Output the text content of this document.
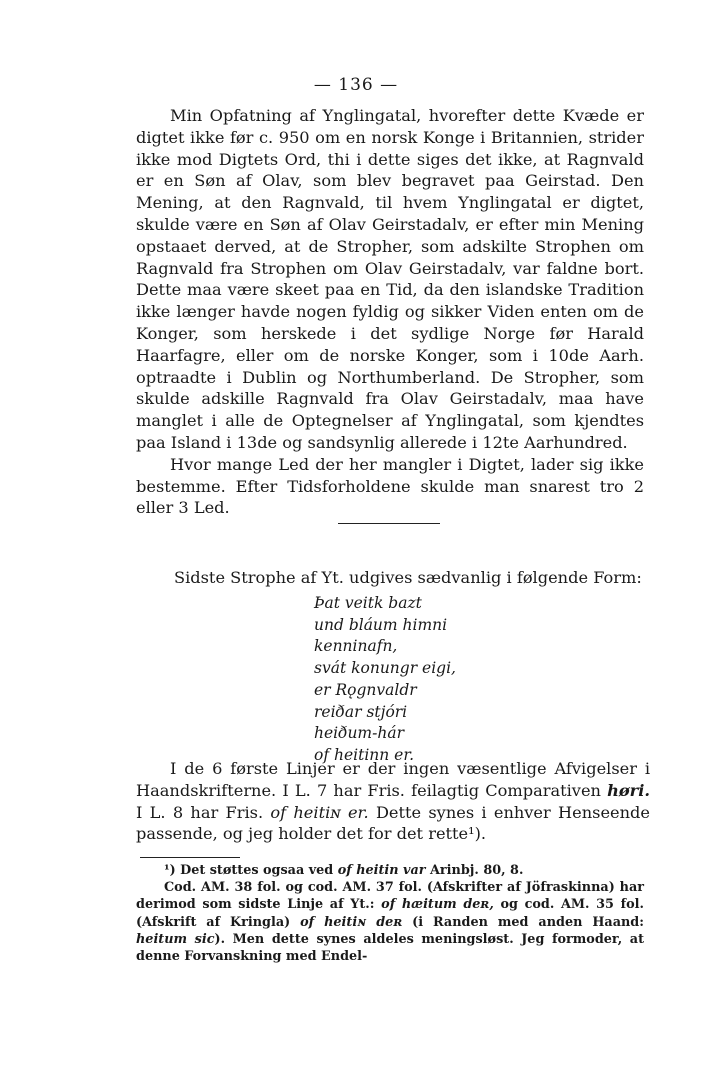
— 136 —

Min Opfatning af Ynglingatal, hvorefter dette Kvæde er digtet ikke før c. 950 om en norsk Konge i Britannien, strider ikke mod Digtets Ord, thi i dette siges det ikke, at Ragnvald er en Søn af Olav, som blev begravet paa Geirstad. Den Mening, at den Ragnvald, til hvem Ynglingatal er digtet, skulde være en Søn af Olav Geirstadalv, er efter min Mening opstaaet derved, at de Stropher, som adskilte Strophen om Ragnvald fra Strophen om Olav Geirstadalv, var faldne bort. Dette maa være skeet paa en Tid, da den islandske Tradition ikke længer havde nogen fyldig og sikker Viden enten om de Konger, som herskede i det sydlige Norge før Harald Haarfagre, eller om de norske Konger, som i 10de Aarh. optraadte i Dublin og Northumberland. De Stropher, som skulde adskille Ragnvald fra Olav Geirstadalv, maa have manglet i alle de Optegnelser af Ynglingatal, som kjendtes paa Island i 13de og sandsynlig allerede i 12te Aarhundred.

Hvor mange Led der her mangler i Digtet, lader sig ikke bestemme. Efter Tidsforholdene skulde man snarest tro 2 eller 3 Led.

Sidste Strophe af Yt. udgives sædvanlig i følgende Form:
Þat veitk bazt
und bláum himni
kenninafn,
svát konungr eigi,
er Rǫgnvaldr
reiðar stjóri
heiðum-hár
of heitinn er.

I de 6 første Linjer er der ingen væsentlige Afvigelser i Haandskrifterne. I L. 7 har Fris. feilagtig Comparativen høri. I L. 8 har Fris. of heitiɴ er. Dette synes i enhver Henseende passende, og jeg holder det for det rette¹).

¹) Det støttes ogsaa ved of heitin var Arinbj. 80, 8.

Cod. AM. 38 fol. og cod. AM. 37 fol. (Afskrifter af Jöfraskinna) har derimod som sidste Linje af Yt.: of hæitum deʀ, og cod. AM. 35 fol. (Afskrift af Kringla) of heitiɴ deʀ (i Randen med anden Haand: heitum sic). Men dette synes aldeles meningsløst. Jeg formoder, at denne Forvanskning med Endel-
